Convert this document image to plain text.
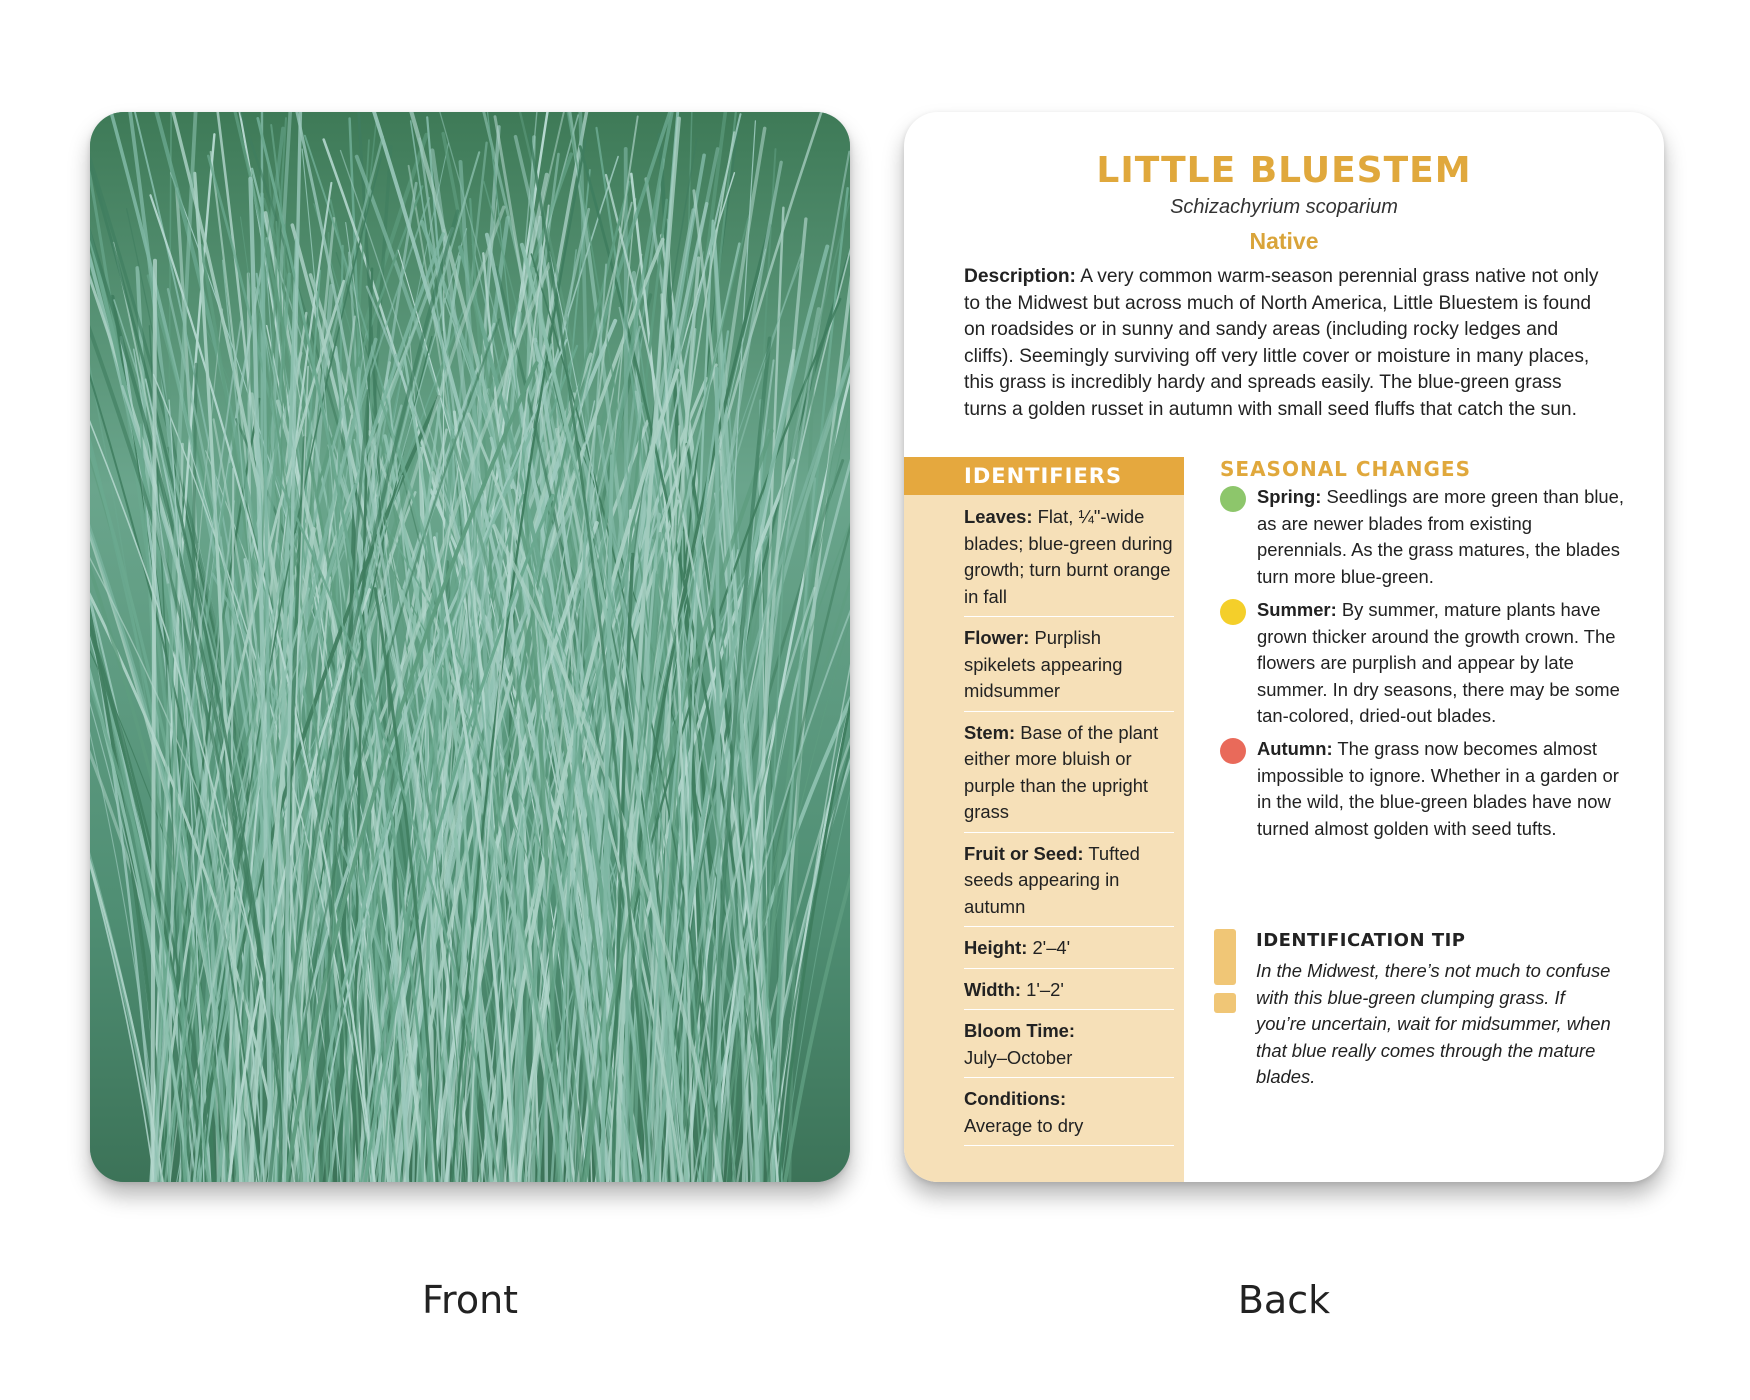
Front
LITTLE BLUESTEM
Schizachyrium scoparium
Native
Description: A very common warm-season perennial grass native not only to the Midwest but across much of North America, Little Bluestem is found on roadsides or in sunny and sandy areas (including rocky ledges and cliffs). Seemingly surviving off very little cover or moisture in many places, this grass is incredibly hardy and spreads easily. The blue-green grass turns a golden russet in autumn with small seed fluffs that catch the sun.
IDENTIFIERS
Leaves: Flat, ¼"-wide blades; blue-green during growth; turn burnt orange in fall
Flower: Purplish spikelets appearing midsummer
Stem: Base of the plant either more bluish or purple than the upright grass
Fruit or Seed: Tufted seeds appearing in autumn
Height: 2'–4'
Width: 1'–2'
Bloom Time:
July–October
Conditions:
Average to dry
SEASONAL CHANGES
Spring: Seedlings are more green than blue, as are newer blades from existing perennials. As the grass matures, the blades turn more blue-green.
Summer: By summer, mature plants have grown thicker around the growth crown. The flowers are purplish and appear by late summer. In dry seasons, there may be some tan-colored, dried-out blades.
Autumn: The grass now becomes almost impossible to ignore. Whether in a garden or in the wild, the blue-green blades have now turned almost golden with seed tufts.
IDENTIFICATION TIP
In the Midwest, there’s not much to confuse with this blue-green clumping grass. If you’re uncertain, wait for midsummer, when that blue really comes through the mature blades.
Back
